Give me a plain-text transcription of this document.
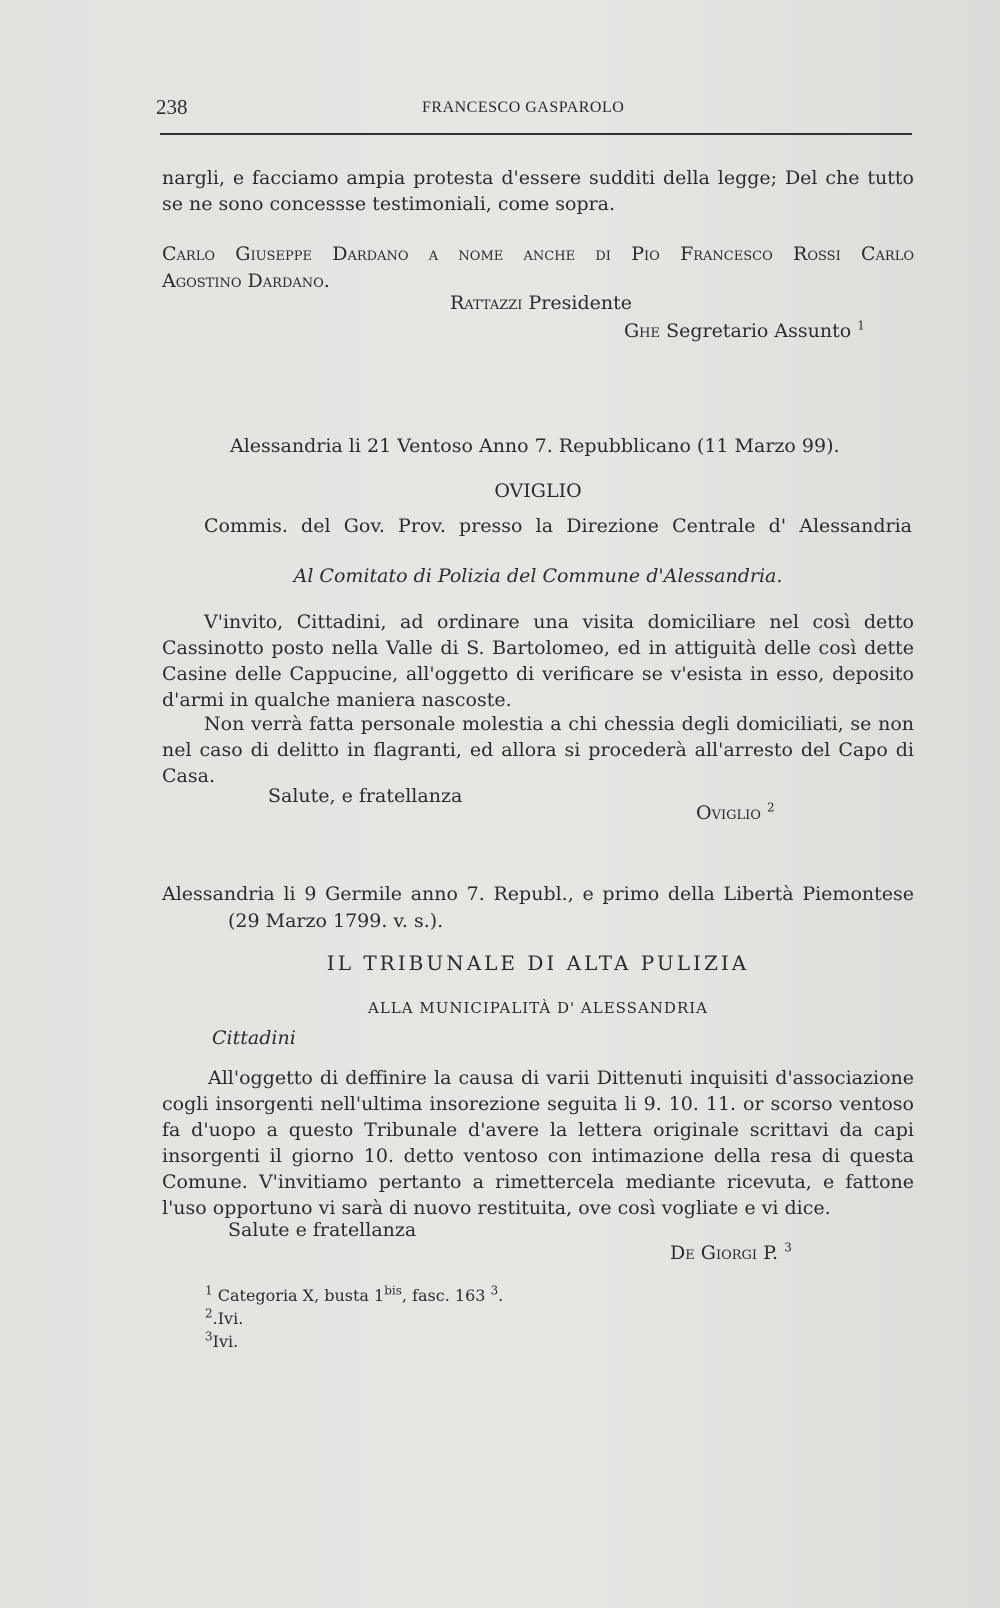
238	FRANCESCO GASPAROLO

nargli, e facciamo ampia protesta d'essere sudditi della legge; Del che tutto se ne sono concessse testimoniali, come sopra.

Carlo Giuseppe Dardano a nome anche di Pio Francesco Rossi Carlo

Agostino Dardano.

Rattazzi Presidente

Ghe Segretario Assunto $^1$

Alessandria li 21 Ventoso Anno 7. Repubblicano (11 Marzo 99).

OVIGLIO

Commis. del Gov. Prov. presso la Direzione Centrale d' Alessandria

Al Comitato di Polizia del Commune d'Alessandria.

V'invito, Cittadini, ad ordinare una visita domiciliare nel così detto Cassinotto posto nella Valle di S. Bartolomeo, ed in attiguità delle così dette Casine delle Cappucine, all'oggetto di verificare se v'esista in esso, deposito d'armi in qualche maniera nascoste.

Non verrà fatta personale molestia a chi chessia degli domiciliati, se non nel caso di delitto in flagranti, ed allora si procederà all'arresto del Capo di Casa.

Salute, e fratellanza

Oviglio $^2$

Alessandria li 9 Germile anno 7. Republ., e primo della Libertà Piemontese

(29 Marzo 1799. v. s.).

IL TRIBUNALE DI ALTA PULIZIA

ALLA MUNICIPALITÀ D' ALESSANDRIA

Cittadini

All'oggetto di deffinire la causa di varii Dittenuti inquisiti d'associazione cogli insorgenti nell'ultima insorezione seguita li 9. 10. 11. or scorso ventoso fa d'uopo a questo Tribunale d'avere la lettera originale scrittavi da capi insorgenti il giorno 10. detto ventoso con intimazione della resa di questa Comune. V'invitiamo pertanto a rimettercela mediante ricevuta, e fattone l'uso opportuno vi sarà di nuovo restituita, ove così vogliate e vi dice.

Salute e fratellanza

De Giorgi P. $^3$

$^1$ Categoria X, busta $1^{bis}$, fasc. 163 $^3$.

$^2$.Ivi.

$^3$Ivi.
